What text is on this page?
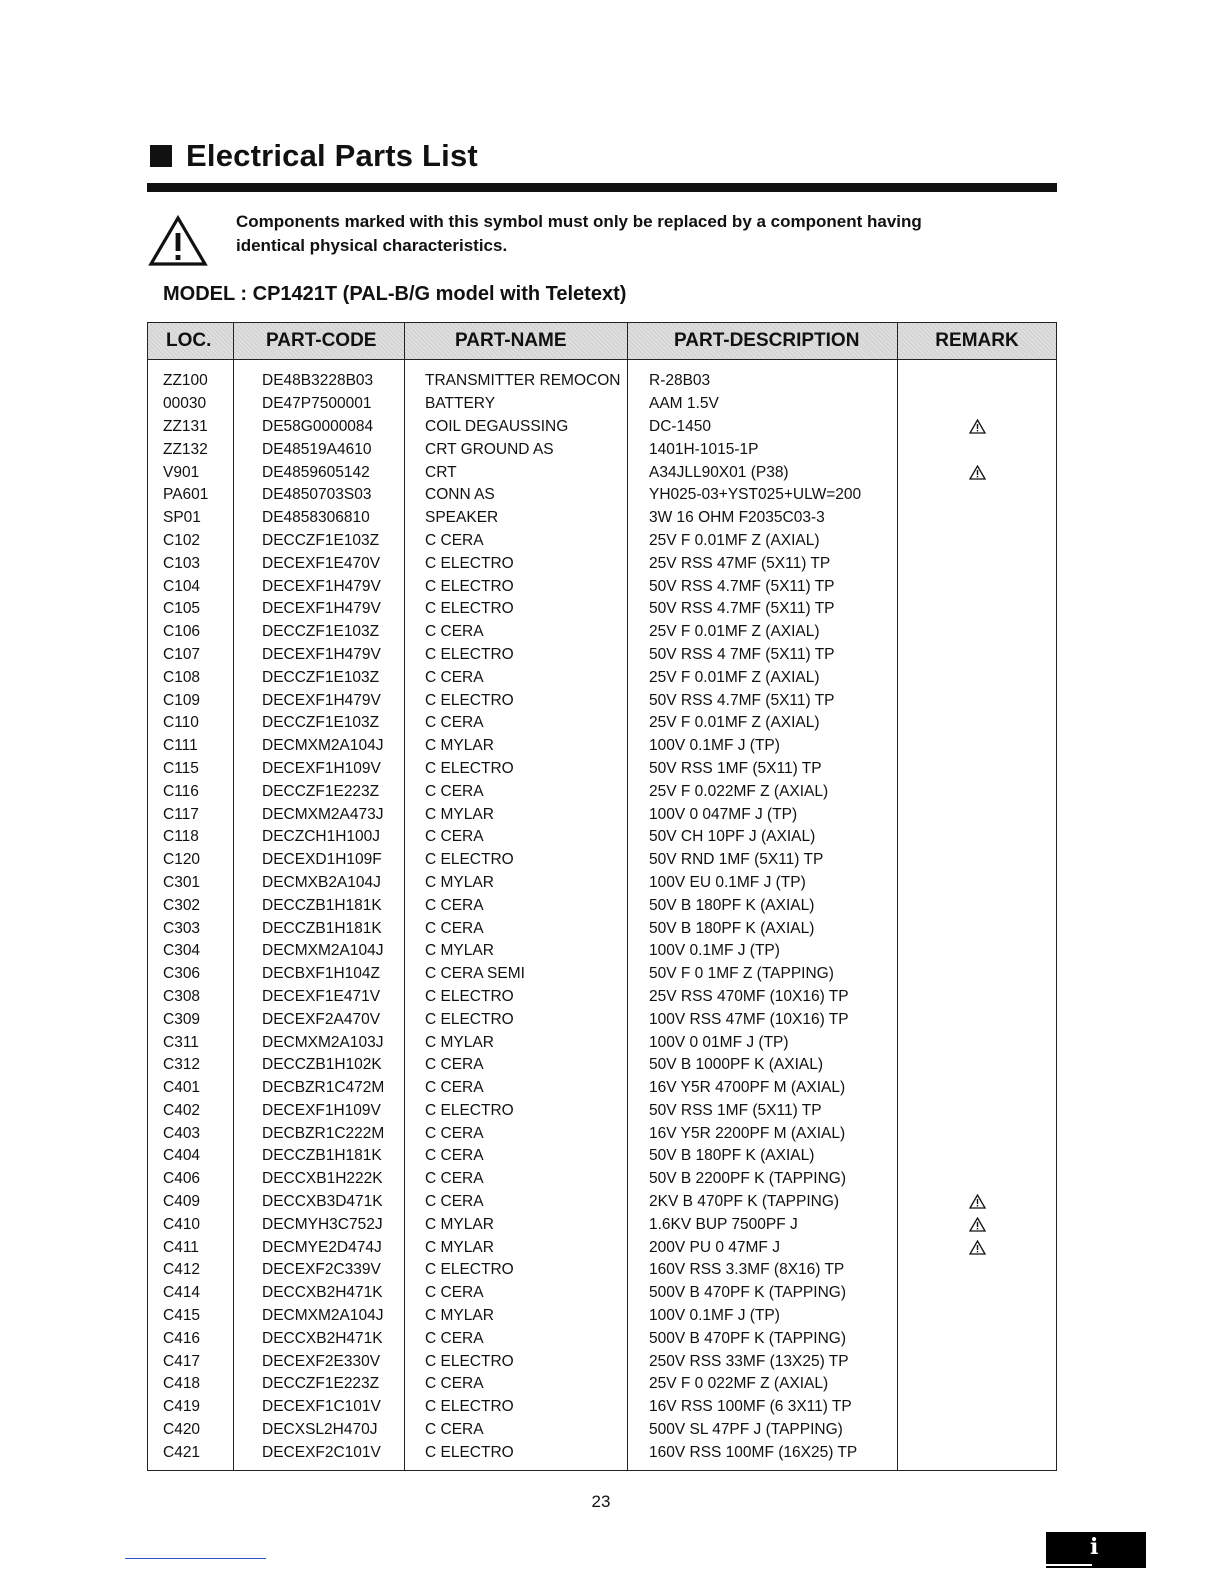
Electrical Parts List
Components marked with this symbol must only be replaced by a component having
identical physical characteristics.
MODEL : CP1421T (PAL-B/G model with Teletext)
LOC.	PART-CODE	PART-NAME	PART-DESCRIPTION	REMARK
ZZ100	DE48B3228B03	TRANSMITTER REMOCON	R-28B03	
00030	DE47P7500001	BATTERY	AAM 1.5V	
ZZ131	DE58G0000084	COIL DEGAUSSING	DC-1450	
ZZ132	DE48519A4610	CRT GROUND AS	1401H-1015-1P	
V901	DE4859605142	CRT	A34JLL90X01 (P38)	
PA601	DE4850703S03	CONN AS	YH025-03+YST025+ULW=200	
SP01	DE4858306810	SPEAKER	3W 16 OHM F2035C03-3	
C102	DECCZF1E103Z	C CERA	25V F 0.01MF Z (AXIAL)	
C103	DECEXF1E470V	C ELECTRO	25V RSS 47MF (5X11) TP	
C104	DECEXF1H479V	C ELECTRO	50V RSS 4.7MF (5X11) TP	
C105	DECEXF1H479V	C ELECTRO	50V RSS 4.7MF (5X11) TP	
C106	DECCZF1E103Z	C CERA	25V F 0.01MF Z (AXIAL)	
C107	DECEXF1H479V	C ELECTRO	50V RSS 4 7MF (5X11) TP	
C108	DECCZF1E103Z	C CERA	25V F 0.01MF Z (AXIAL)	
C109	DECEXF1H479V	C ELECTRO	50V RSS 4.7MF (5X11) TP	
C110	DECCZF1E103Z	C CERA	25V F 0.01MF Z (AXIAL)	
C111	DECMXM2A104J	C MYLAR	100V 0.1MF J (TP)	
C115	DECEXF1H109V	C ELECTRO	50V RSS 1MF (5X11) TP	
C116	DECCZF1E223Z	C CERA	25V F 0.022MF Z (AXIAL)	
C117	DECMXM2A473J	C MYLAR	100V 0 047MF J (TP)	
C118	DECZCH1H100J	C CERA	50V CH 10PF J (AXIAL)	
C120	DECEXD1H109F	C ELECTRO	50V RND 1MF (5X11) TP	
C301	DECMXB2A104J	C MYLAR	100V EU 0.1MF J (TP)	
C302	DECCZB1H181K	C CERA	50V B 180PF K (AXIAL)	
C303	DECCZB1H181K	C CERA	50V B 180PF K (AXIAL)	
C304	DECMXM2A104J	C MYLAR	100V 0.1MF J (TP)	
C306	DECBXF1H104Z	C CERA SEMI	50V F 0 1MF Z (TAPPING)	
C308	DECEXF1E471V	C ELECTRO	25V RSS 470MF (10X16) TP	
C309	DECEXF2A470V	C ELECTRO	100V RSS 47MF (10X16) TP	
C311	DECMXM2A103J	C MYLAR	100V 0 01MF J (TP)	
C312	DECCZB1H102K	C CERA	50V B 1000PF K (AXIAL)	
C401	DECBZR1C472M	C CERA	16V Y5R 4700PF M (AXIAL)	
C402	DECEXF1H109V	C ELECTRO	50V RSS 1MF (5X11) TP	
C403	DECBZR1C222M	C CERA	16V Y5R 2200PF M (AXIAL)	
C404	DECCZB1H181K	C CERA	50V B 180PF K (AXIAL)	
C406	DECCXB1H222K	C CERA	50V B 2200PF K (TAPPING)	
C409	DECCXB3D471K	C CERA	2KV B 470PF K (TAPPING)	
C410	DECMYH3C752J	C MYLAR	1.6KV BUP 7500PF J	
C411	DECMYE2D474J	C MYLAR	200V PU 0 47MF J	
C412	DECEXF2C339V	C ELECTRO	160V RSS 3.3MF (8X16) TP	
C414	DECCXB2H471K	C CERA	500V B 470PF K (TAPPING)	
C415	DECMXM2A104J	C MYLAR	100V 0.1MF J (TP)	
C416	DECCXB2H471K	C CERA	500V B 470PF K (TAPPING)	
C417	DECEXF2E330V	C ELECTRO	250V RSS 33MF (13X25) TP	
C418	DECCZF1E223Z	C CERA	25V F 0 022MF Z (AXIAL)	
C419	DECEXF1C101V	C ELECTRO	16V RSS 100MF (6 3X11) TP	
C420	DECXSL2H470J	C CERA	500V SL 47PF J (TAPPING)	
C421	DECEXF2C101V	C ELECTRO	160V RSS 100MF (16X25) TP	
23
i
